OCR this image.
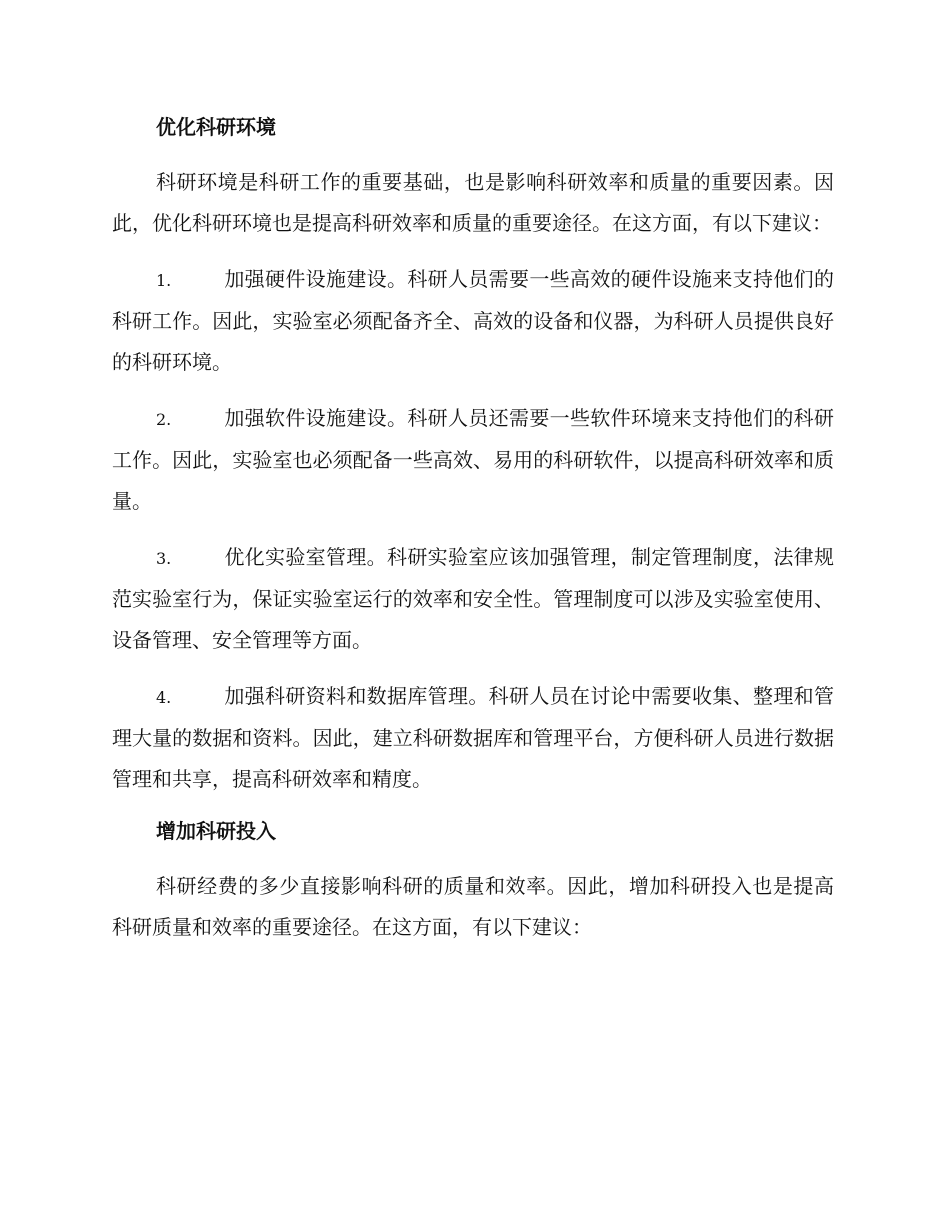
优化科研环境

科研环境是科研工作的重要基础，也是影响科研效率和质量的重要因素。因此，优化科研环境也是提高科研效率和质量的重要途径。在这方面，有以下建议：

1.	加强硬件设施建设。科研人员需要一些高效的硬件设施来支持他们的科研工作。因此，实验室必须配备齐全、高效的设备和仪器，为科研人员提供良好的科研环境。

2.	加强软件设施建设。科研人员还需要一些软件环境来支持他们的科研工作。因此，实验室也必须配备一些高效、易用的科研软件，以提高科研效率和质量。

3.	优化实验室管理。科研实验室应该加强管理，制定管理制度，法律规范实验室行为，保证实验室运行的效率和安全性。管理制度可以涉及实验室使用、设备管理、安全管理等方面。

4.	加强科研资料和数据库管理。科研人员在讨论中需要收集、整理和管理大量的数据和资料。因此，建立科研数据库和管理平台，方便科研人员进行数据管理和共享，提高科研效率和精度。

增加科研投入

科研经费的多少直接影响科研的质量和效率。因此，增加科研投入也是提高科研质量和效率的重要途径。在这方面，有以下建议：
